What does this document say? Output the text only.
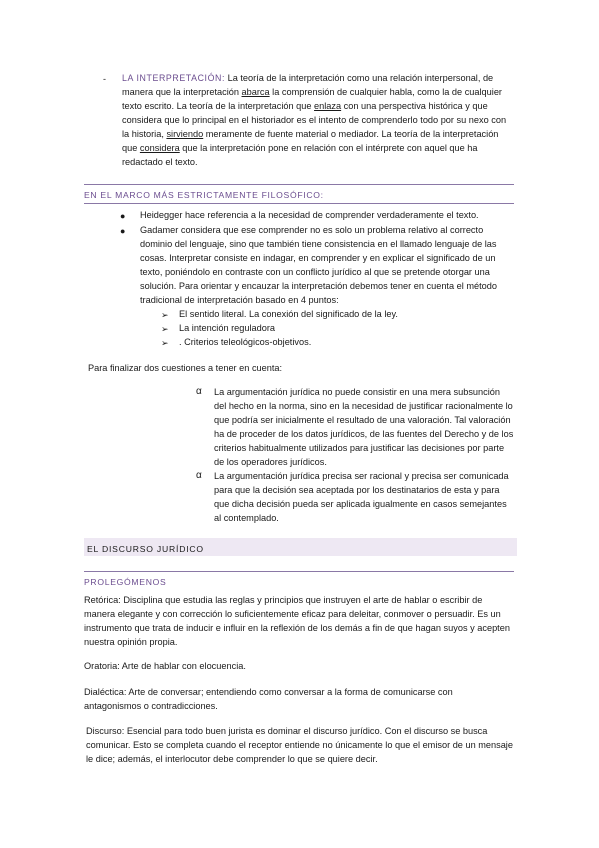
- LA INTERPRETACIÓN: La teoría de la interpretación como una relación interpersonal, de manera que la interpretación abarca la comprensión de cualquier habla, como la de cualquier texto escrito. La teoría de la interpretación que enlaza con una perspectiva histórica y que considera que lo principal en el historiador es el intento de comprenderlo todo por su nexo con la historia, sirviendo meramente de fuente material o mediador. La teoría de la interpretación que considera que la interpretación pone en relación con el intérprete con aquel que ha redactado el texto.
EN EL MARCO MÁS ESTRICTAMENTE FILOSÓFICO:
●	Heidegger hace referencia a la necesidad de comprender verdaderamente el texto.
●	Gadamer considera que ese comprender no es solo un problema relativo al correcto dominio del lenguaje, sino que también tiene consistencia en el llamado lenguaje de las cosas. Interpretar consiste en indagar, en comprender y en explicar el significado de un texto, poniéndolo en contraste con un conflicto jurídico al que se pretende otorgar una solución. Para orientar y encauzar la interpretación debemos tener en cuenta el método tradicional de interpretación basado en 4 puntos:
➢	El sentido literal. La conexión del significado de la ley.
➢	La intención reguladora
➢	. Criterios teleológicos-objetivos.
Para finalizar dos cuestiones a tener en cuenta:
α	La argumentación jurídica no puede consistir en una mera subsunción del hecho en la norma, sino en la necesidad de justificar racionalmente lo que podría ser inicialmente el resultado de una valoración. Tal valoración ha de proceder de los datos jurídicos, de las fuentes del Derecho y de los criterios habitualmente utilizados para justificar las decisiones por parte de los operadores jurídicos.
α	La argumentación jurídica precisa ser racional y precisa ser comunicada para que la decisión sea aceptada por los destinatarios de esta y para que dicha decisión pueda ser aplicada igualmente en casos semejantes al contemplado.
EL DISCURSO JURÍDICO
PROLEGÓMENOS
Retórica: Disciplina que estudia las reglas y principios que instruyen el arte de hablar o escribir de manera elegante y con corrección lo suficientemente eficaz para deleitar, conmover o persuadir. Es un instrumento que trata de inducir e influir en la reflexión de los demás a fin de que hagan suyos y acepten nuestra opinión propia.
Oratoria: Arte de hablar con elocuencia.
Dialéctica: Arte de conversar; entendiendo como conversar a la forma de comunicarse con antagonismos o contradicciones.
Discurso: Esencial para todo buen jurista es dominar el discurso jurídico. Con el discurso se busca comunicar. Esto se completa cuando el receptor entiende no únicamente lo que el emisor de un mensaje le dice; además, el interlocutor debe comprender lo que se quiere decir.
